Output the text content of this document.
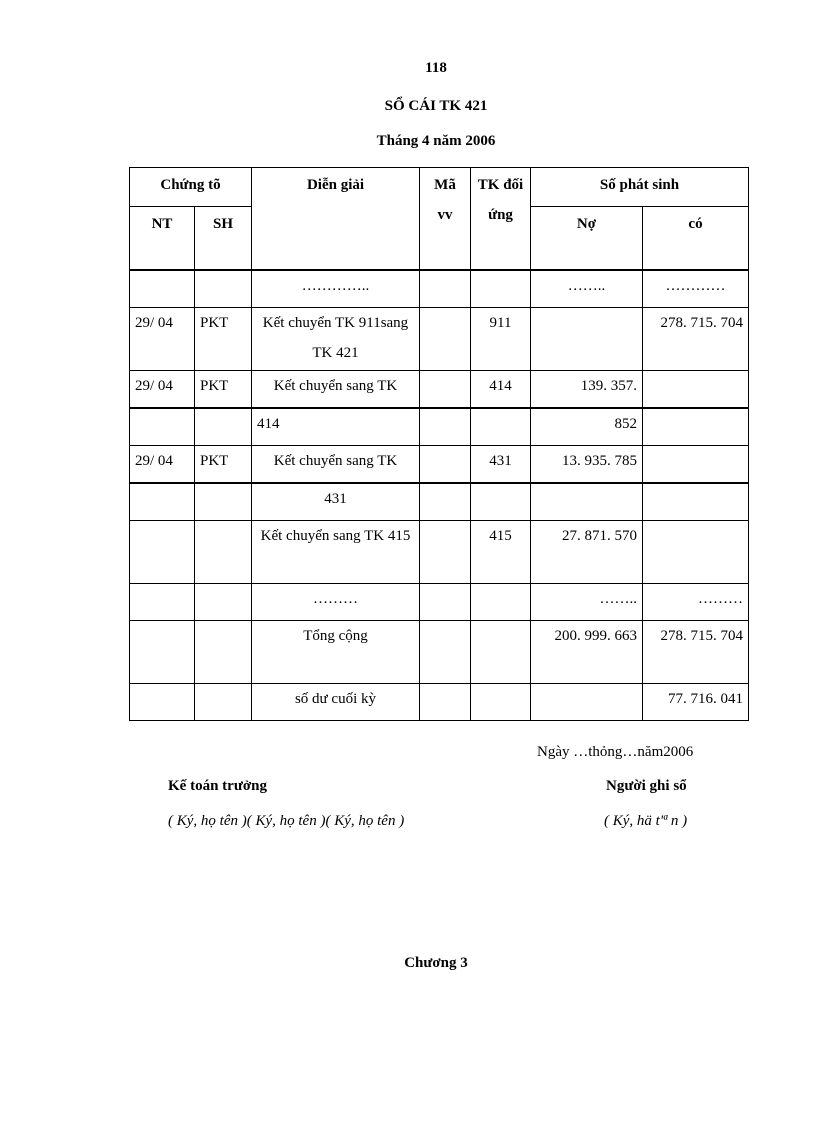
118
SỔ CÁI TK 421
Tháng 4 năm 2006
Chứng tõ		Diễn giải	Mã vv	TK đối ứng	Số phát sinh	
NT	SH				Nợ	có
		…………..			……..	…………
29/ 04	PKT	Kết chuyển TK 911sang TK 421		911		278. 715. 704
29/ 04	PKT	Kết chuyển sang TK		414	139. 357.	
		414			852	
29/ 04	PKT	Kết chuyển sang TK		431	13. 935. 785	
		431				
		Kết chuyển sang TK 415		415	27. 871. 570	
		………			……..	………
		Tổng cộng			200. 999. 663	278. 715. 704
		số dư cuối kỳ				77. 716. 041
Ngày …thỏng…năm2006
Kế toán trưởng	Người ghi sổ
( Ký, họ tên )( Ký, họ tên )( Ký, họ tên )	( Ký, hä t'ª n )
Chương 3
